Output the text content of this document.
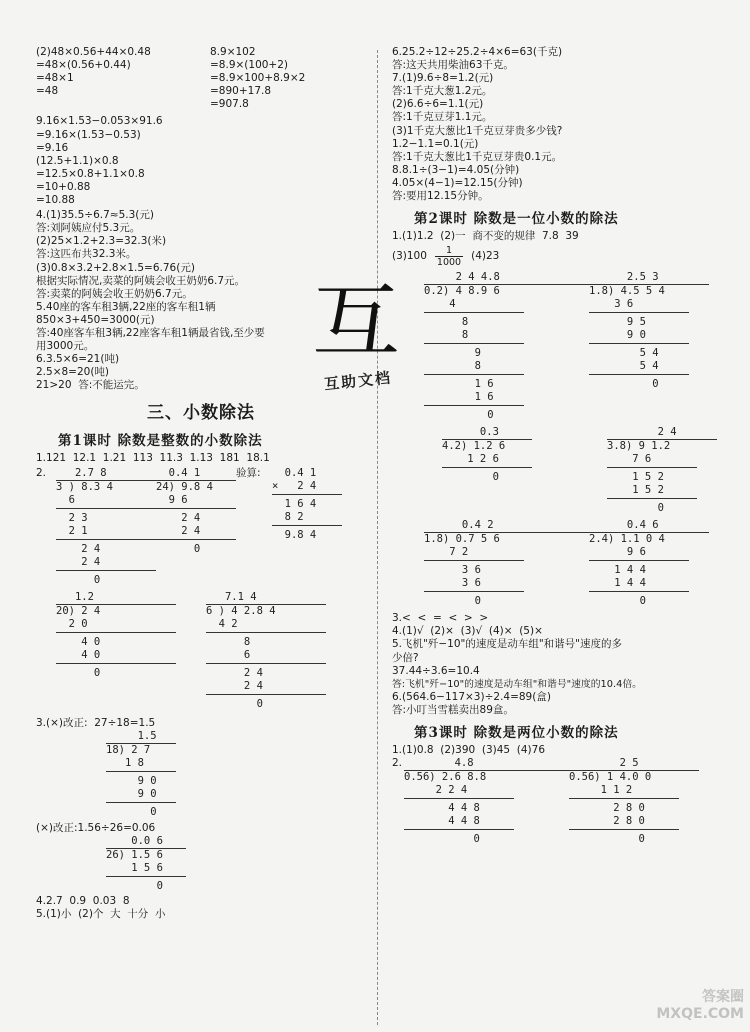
(2)48×0.56+44×0.48
=48×(0.56+0.44)
=48×1
=48
8.9×102
=8.9×(100+2)
=8.9×100+8.9×2
=890+17.8
=907.8
9.16×1.53−0.053×91.6
=9.16×(1.53−0.53)
=9.16
(12.5+1.1)×0.8
=12.5×0.8+1.1×0.8
=10+0.88
=10.88
4.(1)35.5÷6.7≈5.3(元)
答:刘阿姨应付5.3元。
(2)25×1.2+2.3=32.3(米)
答:这匹布共32.3米。
(3)0.8×3.2+2.8×1.5=6.76(元)
根据实际情况,卖菜的阿姨会收王奶奶6.7元。
答:卖菜的阿姨会收王奶奶6.7元。
5.40座的客车租3辆,22座的客车租1辆
850×3+450=3000(元)
答:40座客车租3辆,22座客车租1辆最省钱,至少要
用3000元。
6.3.5×6=21(吨)
2.5×8=20(吨)
21>20  答:不能运完。
三、小数除法
第1课时 除数是整数的小数除法
1.121  12.1  1.21  113  11.3  1.13  181  18.1
2. 2.7 8
3 ) 8.3 4
6
2 3
2 1
2 4
2 4
0
0.4 1
24) 9.8 4
9 6
2 4
2 4
0
验算:	0.4 1
×   2 4
1 6 4
8 2
9.8 4
1.2
20) 2 4
2 0
4 0
4 0
0
7.1 4
6 ) 4 2.8 4
4 2
8
6
2 4
2 4
0
3.(×)改正:  27÷18=1.5
1.5
18) 2 7
1 8
9 0
9 0
0
(×)改正:1.56÷26=0.06
0.0 6
26) 1.5 6
1 5 6
0
4.2.7  0.9  0.03  8
5.(1)小  (2)个  大  十分  小
6.25.2÷12÷25.2÷4×6=63(千克)
答:这天共用柴油63千克。
7.(1)9.6÷8=1.2(元)
答:1千克大葱1.2元。
(2)6.6÷6=1.1(元)
答:1千克豆芽1.1元。
(3)1千克大葱比1千克豆芽贵多少钱?
1.2−1.1=0.1(元)
答:1千克大葱比1千克豆芽贵0.1元。
8.8.1÷(3−1)=4.05(分钟)
4.05×(4−1)=12.15(分钟)
答:要用12.15分钟。
第2课时 除数是一位小数的除法
1.(1)1.2  (2)一  商不变的规律  7.8  39
$(3)100 \frac{1}{1000} (4)23$
2 4 4.8
0.2) 4 8.9 6
4
8
8
9
8
1 6
1 6
0
2.5 3
1.8) 4.5 5 4
3 6
9 5
9 0
5 4
5 4
0
0.3
4.2) 1.2 6
1 2 6
0
2 4
3.8) 9 1.2
7 6
1 5 2
1 5 2
0
0.4 2
1.8) 0.7 5 6
7 2
3 6
3 6
0
0.4 6
2.4) 1.1 0 4
9 6
1 4 4
1 4 4
0
3.<  <  =  <  >  >
4.(1)√  (2)×  (3)√  (4)×  (5)×
5.飞机"歼−10"的速度是动车组"和谐号"速度的多
少倍?
37.44÷3.6=10.4
答:飞机"歼−10"的速度是动车组"和谐号"速度的10.4倍。
6.(564.6−117×3)÷2.4=89(盒)
答:小叮当雪糕卖出89盒。
第3课时 除数是两位小数的除法
1.(1)0.8  (2)390  (3)45  (4)76
2. 4.8
0.56) 2.6 8.8
2 2 4
4 4 8
4 4 8
0
2 5
0.56) 1 4.0 0
1 1 2
2 8 0
2 8 0
0
互
互助文档
答案圈 MXQE.COM
